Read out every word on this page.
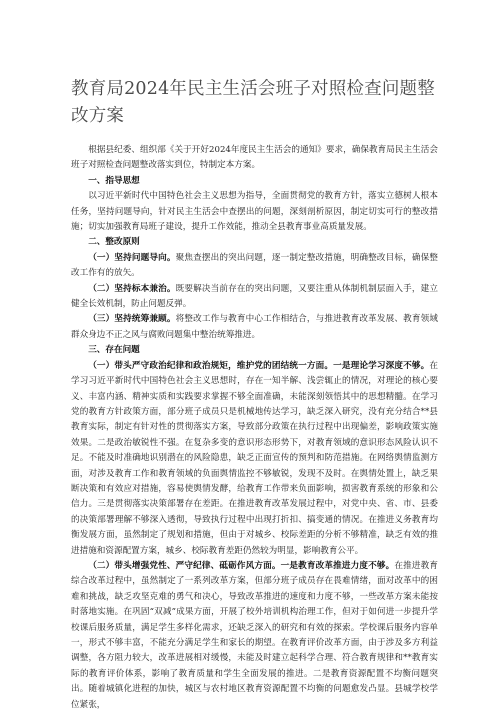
教育局2024年民主生活会班子对照检查问题整改方案

根据县纪委、组织部《关于开好2024年度民主生活会的通知》要求，确保教育局民主生活会班子对照检查问题整改落实到位，特制定本方案。

一、指导思想

以习近平新时代中国特色社会主义思想为指导，全面贯彻党的教育方针，落实立德树人根本任务，坚持问题导向，针对民主生活会中查摆出的问题，深刻剖析原因，制定切实可行的整改措施；切实加强教育局班子建设，提升工作效能，推动全县教育事业高质量发展。

二、整改原则

（一）坚持问题导向。聚焦查摆出的突出问题，逐一制定整改措施，明确整改目标，确保整改工作有的放矢。

（二）坚持标本兼治。既要解决当前存在的突出问题，又要注重从体制机制层面入手，建立健全长效机制，防止问题反弹。

（三）坚持统筹兼顾。将整改工作与教育中心工作相结合，与推进教育改革发展、教育领域群众身边不正之风与腐败问题集中整治统筹推进。

三、存在问题

（一）带头严守政治纪律和政治规矩，维护党的团结统一方面。一是理论学习深度不够。在学习习近平新时代中国特色社会主义思想时，存在一知半解、浅尝辄止的情况，对理论的核心要义、丰富内涵、精神实质和实践要求掌握不够全面准确，未能深刻领悟其中的思想精髓。在学习党的教育方针政策方面，部分班子成员只是机械地传达学习，缺乏深入研究，没有充分结合**县教育实际，制定有针对性的贯彻落实方案，导致部分政策在执行过程中出现偏差，影响政策实施效果。二是政治敏锐性不强。在复杂多变的意识形态形势下，对教育领域的意识形态风险认识不足。不能及时准确地识别潜在的风险隐患，缺乏正面宣传的预判和防范措施。在网络舆情监测方面，对涉及教育工作和教育领域的负面舆情监控不够敏锐，发现不及时。在舆情处置上，缺乏果断决策和有效应对措施，容易使舆情发酵，给教育工作带来负面影响，损害教育系统的形象和公信力。三是贯彻落实决策部署存在差距。在推进教育改革发展过程中，对党中央、省、市、县委的决策部署理解不够深入透彻，导致执行过程中出现打折扣、搞变通的情况。在推进义务教育均衡发展方面，虽然制定了规划和措施，但由于对城乡、校际差距的分析不够精准，缺乏有效的推进措施和资源配置方案，城乡、校际教育差距仍然较为明显，影响教育公平。

（二）带头增强党性、严守纪律、砥砺作风方面。一是教育改革推进力度不够。在推进教育综合改革过程中，虽然制定了一系列改革方案，但部分班子成员存在畏难情绪，面对改革中的困难和挑战，缺乏攻坚克难的勇气和决心，导致改革推进的速度和力度不够，一些改革方案未能按时落地实施。在巩固“双减”成果方面，开展了校外培训机构治理工作，但对于如何进一步提升学校课后服务质量，满足学生多样化需求，还缺乏深入的研究和有效的探索。学校课后服务内容单一，形式不够丰富，不能充分满足学生和家长的期望。在教育评价改革方面，由于涉及多方利益调整，各方阻力较大，改革进展相对缓慢，未能及时建立起科学合理、符合教育规律和**教育实际的教育评价体系，影响了教育质量和学生全面发展的推进。二是教育资源配置不均衡问题突出。随着城镇化进程的加快，城区与农村地区教育资源配置不均衡的问题愈发凸显。县城学校学位紧张，
